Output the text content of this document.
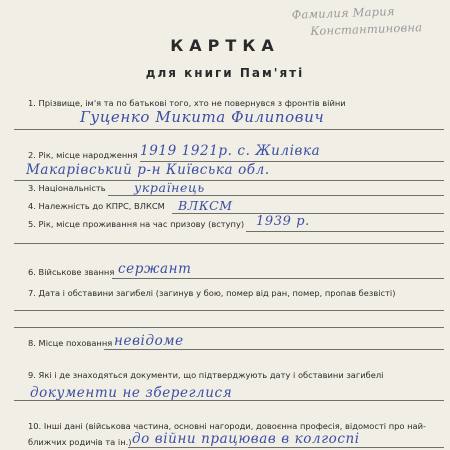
Фамилия Мария
Константиновна
КАРТКА
для книги Пам'яті
1. Прізвище, ім'я та по батькові того, хто не повернувся з фронтів війни
Гуценко Микита Филипович
2. Рік, місце народження 1919 1921р. с. Жилівка
Макарівський р-н Київська обл.
3. Національність українець
4. Належність до КПРС, ВЛКСМ ВЛКСМ
5. Рік, місце проживання на час призову (вступу) 1939 р.
6. Військове звання сержант
7. Дата і обставини загибелі (загинув у бою, помер від ран, помер, пропав безвісті)
8. Місце поховання невідоме
9. Які і де знаходяться документи, що підтверджують дату і обставини загибелі
документи не збереглися
10. Інші дані (військова частина, основні нагороди, довоєнна професія, відомості про най-
ближчих родичів та ін.) до війни працював в колгоспі
